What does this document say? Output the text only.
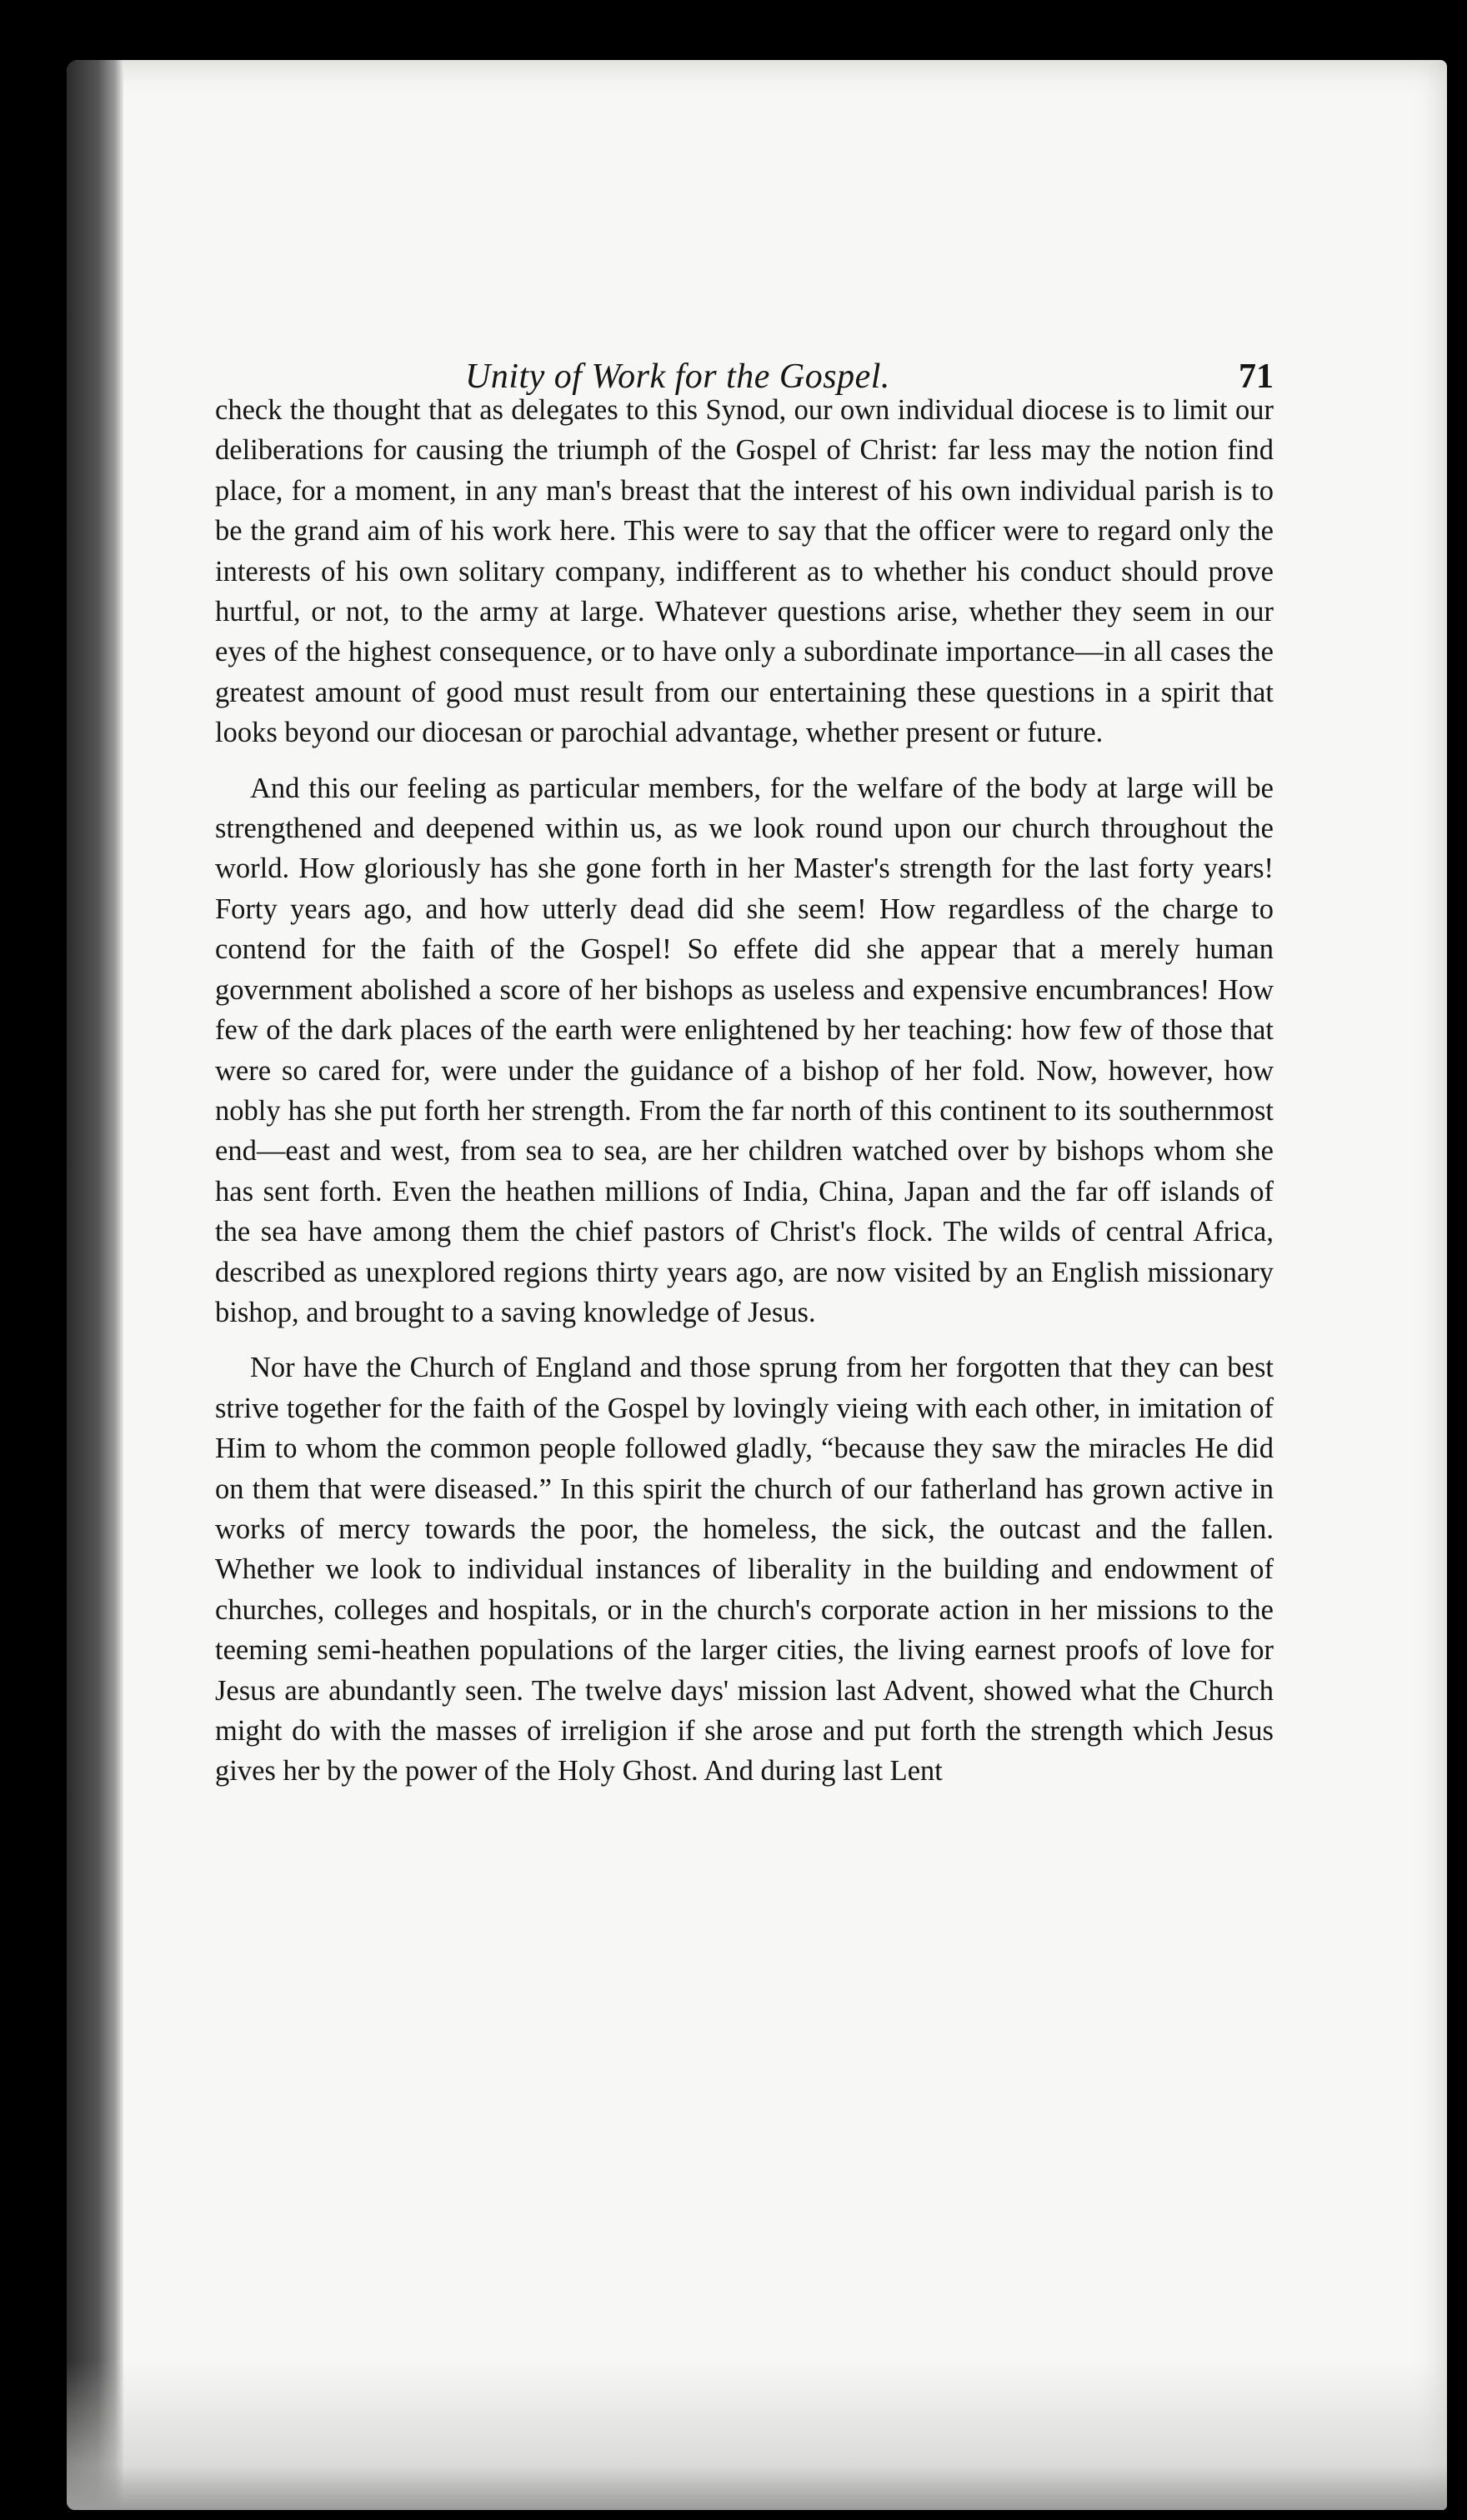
Unity of Work for the Gospel.	71

check the thought that as delegates to this Synod, our own individual diocese is to limit our deliberations for causing the triumph of the Gospel of Christ: far less may the notion find place, for a moment, in any man's breast that the interest of his own individual parish is to be the grand aim of his work here. This were to say that the officer were to regard only the interests of his own solitary company, indifferent as to whether his conduct should prove hurtful, or not, to the army at large. Whatever questions arise, whether they seem in our eyes of the highest consequence, or to have only a subordinate importance—in all cases the greatest amount of good must result from our entertaining these questions in a spirit that looks beyond our diocesan or parochial advantage, whether present or future.

And this our feeling as particular members, for the welfare of the body at large will be strengthened and deepened within us, as we look round upon our church throughout the world. How gloriously has she gone forth in her Master's strength for the last forty years! Forty years ago, and how utterly dead did she seem! How regardless of the charge to contend for the faith of the Gospel! So effete did she appear that a merely human government abolished a score of her bishops as useless and expensive encumbrances! How few of the dark places of the earth were enlightened by her teaching: how few of those that were so cared for, were under the guidance of a bishop of her fold. Now, however, how nobly has she put forth her strength. From the far north of this continent to its southernmost end—east and west, from sea to sea, are her children watched over by bishops whom she has sent forth. Even the heathen millions of India, China, Japan and the far off islands of the sea have among them the chief pastors of Christ's flock. The wilds of central Africa, described as unexplored regions thirty years ago, are now visited by an English missionary bishop, and brought to a saving knowledge of Jesus.

Nor have the Church of England and those sprung from her forgotten that they can best strive together for the faith of the Gospel by lovingly vieing with each other, in imitation of Him to whom the common people followed gladly, “because they saw the miracles He did on them that were diseased.” In this spirit the church of our fatherland has grown active in works of mercy towards the poor, the homeless, the sick, the outcast and the fallen. Whether we look to individual instances of liberality in the building and endowment of churches, colleges and hospitals, or in the church's corporate action in her missions to the teeming semi-heathen populations of the larger cities, the living earnest proofs of love for Jesus are abundantly seen. The twelve days' mission last Advent, showed what the Church might do with the masses of irreligion if she arose and put forth the strength which Jesus gives her by the power of the Holy Ghost. And during last Lent
